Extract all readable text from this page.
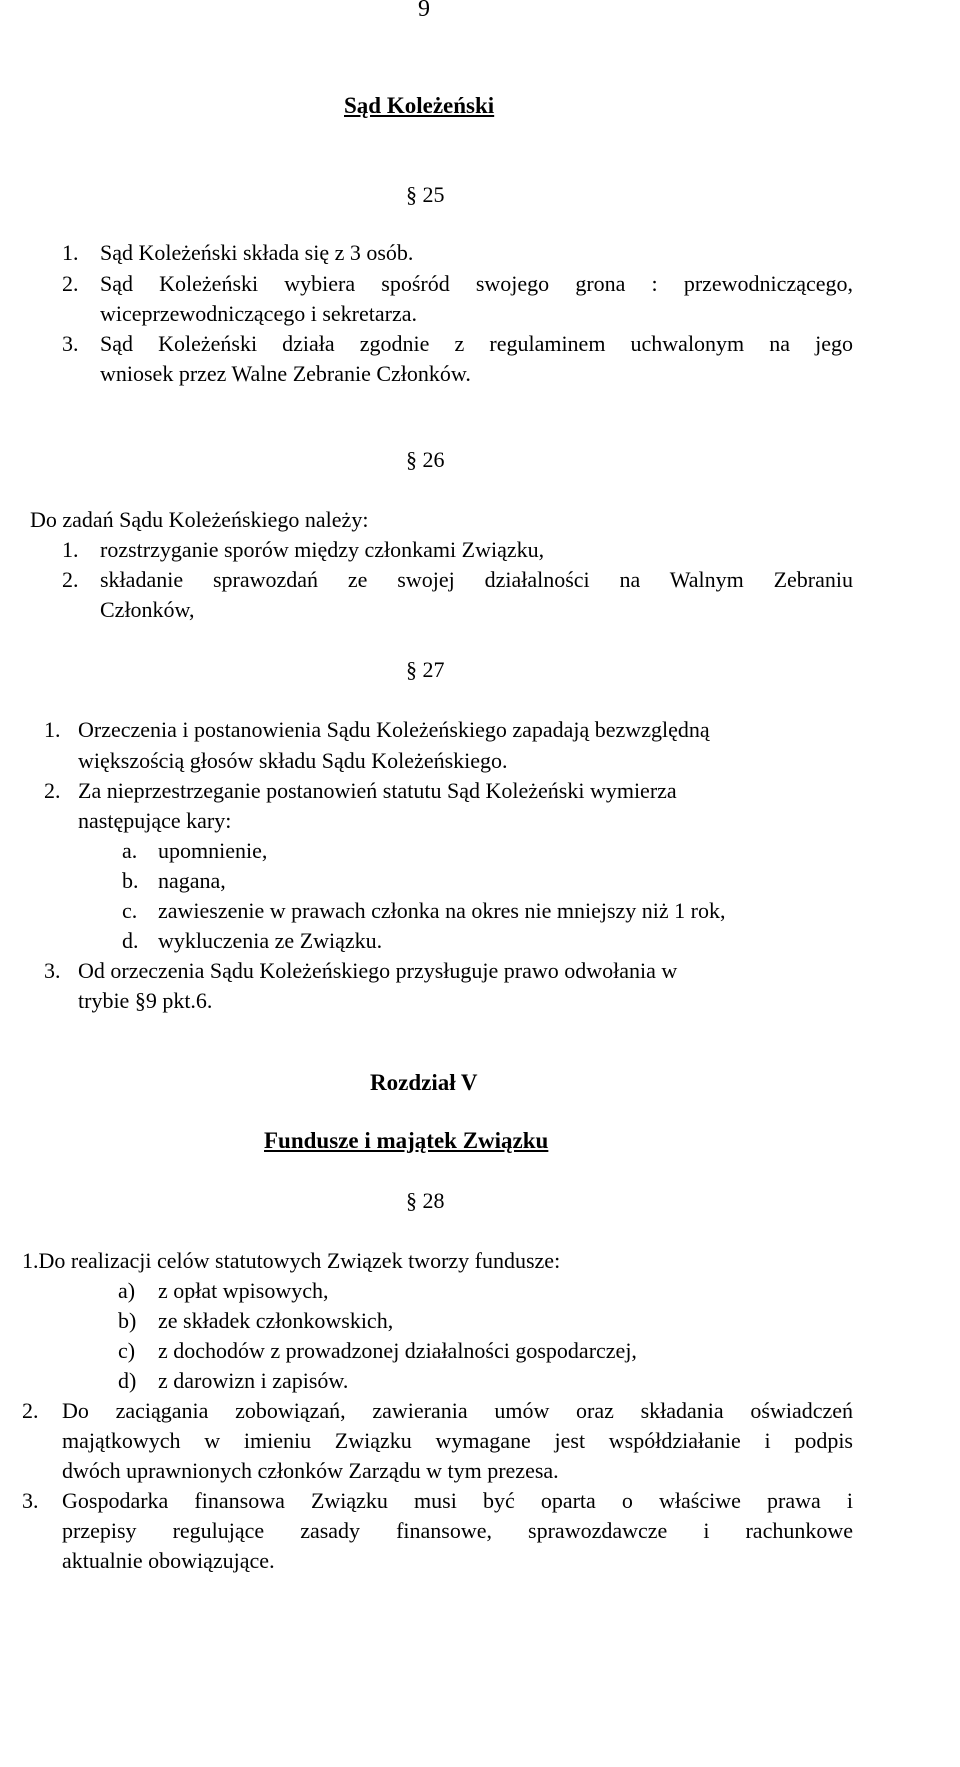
9
Sąd Koleżeński
§ 25
1. Sąd Koleżeński składa się z 3 osób.
2. Sąd Koleżeński wybiera spośród swojego grona : przewodniczącego,
wiceprzewodniczącego i sekretarza.
3. Sąd Koleżeński działa zgodnie z regulaminem uchwalonym na jego
wniosek przez Walne Zebranie Członków.
§ 26
Do zadań Sądu Koleżeńskiego należy:
1. rozstrzyganie sporów między członkami Związku,
2. składanie sprawozdań ze swojej działalności na Walnym Zebraniu
Członków,
§ 27
1. Orzeczenia i postanowienia Sądu Koleżeńskiego zapadają bezwzględną
większością głosów składu Sądu Koleżeńskiego.
2. Za nieprzestrzeganie postanowień statutu Sąd Koleżeński wymierza
następujące kary:
a. upomnienie,
b. nagana,
c. zawieszenie w prawach członka na okres nie mniejszy niż 1 rok,
d. wykluczenia ze Związku.
3. Od orzeczenia Sądu Koleżeńskiego przysługuje prawo odwołania w
trybie §9 pkt.6.
Rozdział V
Fundusze i majątek Związku
§ 28
1.Do realizacji celów statutowych Związek tworzy fundusze:
a) z opłat wpisowych,
b) ze składek członkowskich,
c) z dochodów z prowadzonej działalności gospodarczej,
d) z darowizn i zapisów.
2. Do zaciągania zobowiązań, zawierania umów oraz składania oświadczeń
majątkowych w imieniu Związku wymagane jest współdziałanie i podpis
dwóch uprawnionych członków Zarządu w tym prezesa.
3. Gospodarka finansowa Związku musi być oparta o właściwe prawa i
przepisy regulujące zasady finansowe, sprawozdawcze i rachunkowe
aktualnie obowiązujące.
